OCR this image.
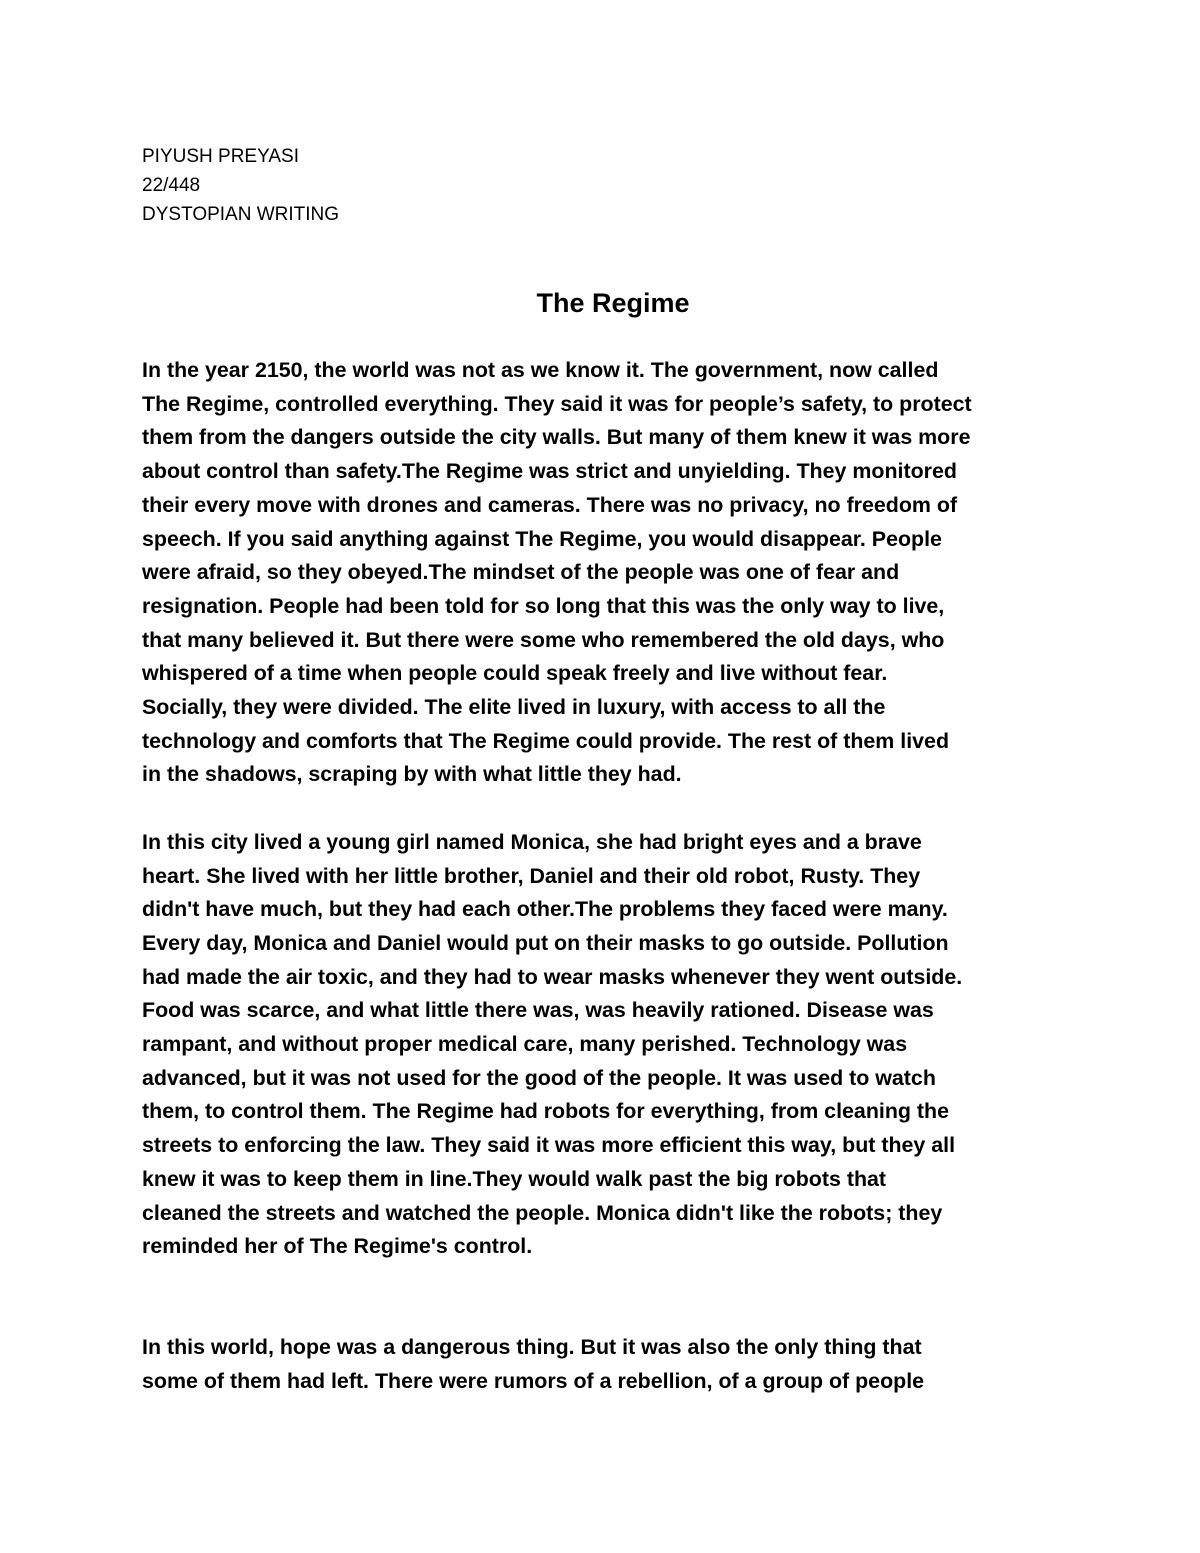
PIYUSH PREYASI
22/448
DYSTOPIAN WRITING
The Regime
In the year 2150, the world was not as we know it. The government, now called
The Regime, controlled everything. They said it was for people’s safety, to protect
them from the dangers outside the city walls. But many of them knew it was more
about control than safety.The Regime was strict and unyielding. They monitored
their every move with drones and cameras. There was no privacy, no freedom of
speech. If you said anything against The Regime, you would disappear. People
were afraid, so they obeyed.The mindset of the people was one of fear and
resignation. People had been told for so long that this was the only way to live,
that many believed it. But there were some who remembered the old days, who
whispered of a time when people could speak freely and live without fear.
Socially, they were divided. The elite lived in luxury, with access to all the
technology and comforts that The Regime could provide. The rest of them lived
in the shadows, scraping by with what little they had.
In this city lived a young girl named Monica, she had bright eyes and a brave
heart. She lived with her little brother, Daniel and their old robot, Rusty. They
didn't have much, but they had each other.The problems they faced were many.
Every day, Monica and Daniel would put on their masks to go outside. Pollution
had made the air toxic, and they had to wear masks whenever they went outside.
Food was scarce, and what little there was, was heavily rationed. Disease was
rampant, and without proper medical care, many perished. Technology was
advanced, but it was not used for the good of the people. It was used to watch
them, to control them. The Regime had robots for everything, from cleaning the
streets to enforcing the law. They said it was more efficient this way, but they all
knew it was to keep them in line.They would walk past the big robots that
cleaned the streets and watched the people. Monica didn't like the robots; they
reminded her of The Regime's control.
In this world, hope was a dangerous thing. But it was also the only thing that
some of them had left. There were rumors of a rebellion, of a group of people
